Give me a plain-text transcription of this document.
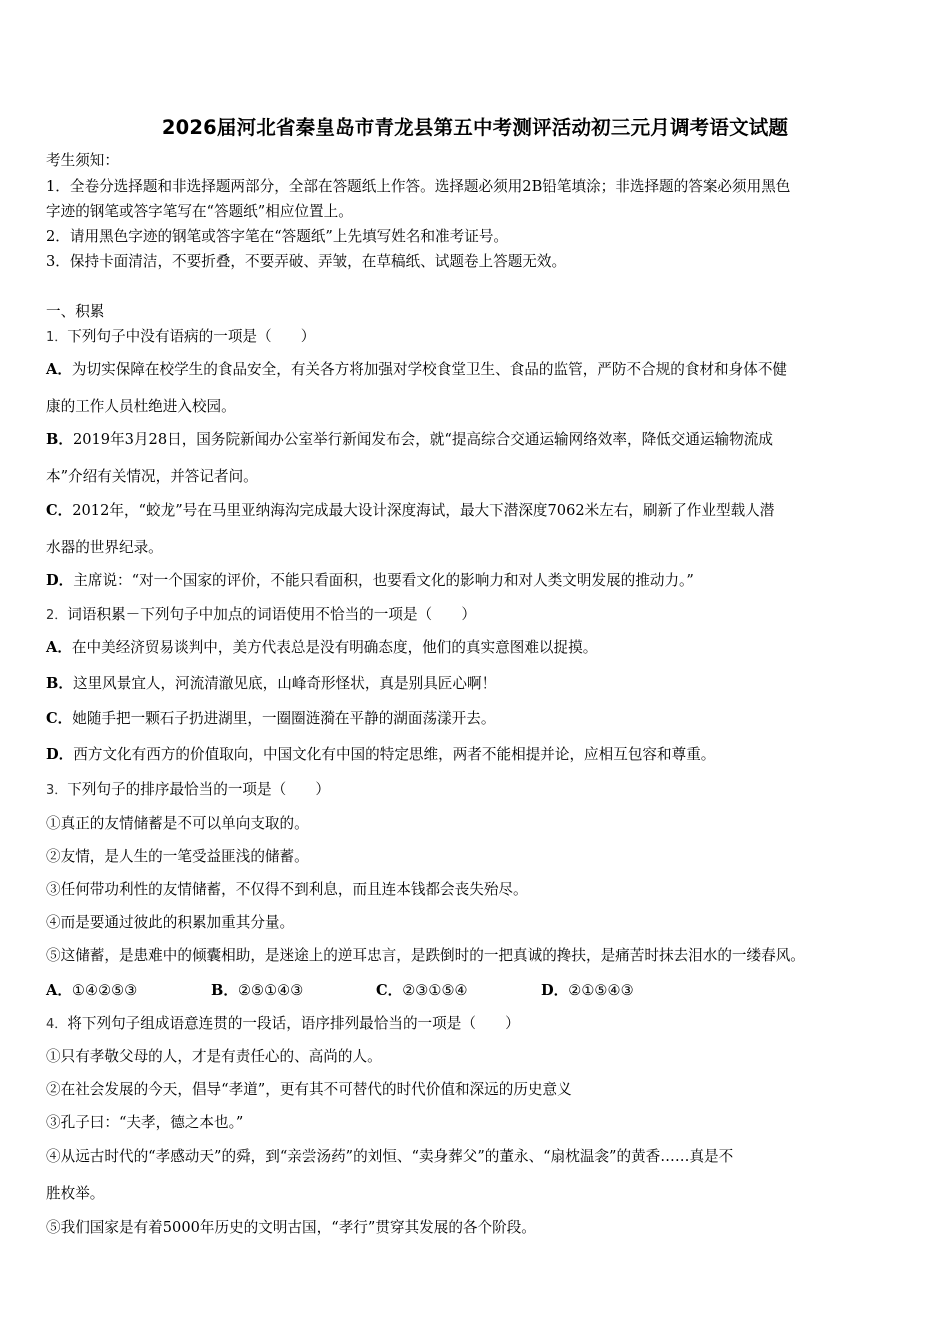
2026届河北省秦皇岛市青龙县第五中考测评活动初三元月调考语文试题
考生须知：
1．全卷分选择题和非选择题两部分，全部在答题纸上作答。选择题必须用2B铅笔填涂；非选择题的答案必须用黑色
字迹的钢笔或答字笔写在“答题纸”相应位置上。
2．请用黑色字迹的钢笔或答字笔在“答题纸”上先填写姓名和准考证号。
3．保持卡面清洁，不要折叠，不要弄破、弄皱，在草稿纸、试题卷上答题无效。
一、积累
1．下列句子中没有语病的一项是（　　）
A．为切实保障在校学生的食品安全，有关各方将加强对学校食堂卫生、食品的监管，严防不合规的食材和身体不健
康的工作人员杜绝进入校园。
B．2019年3月28日，国务院新闻办公室举行新闻发布会，就“提高综合交通运输网络效率，降低交通运输物流成
本”介绍有关情况，并答记者问。
C．2012年，“蛟龙”号在马里亚纳海沟完成最大设计深度海试，最大下潜深度7062米左右，刷新了作业型载人潜
水器的世界纪录。
D．主席说：“对一个国家的评价，不能只看面积，也要看文化的影响力和对人类文明发展的推动力。”
2．词语积累－下列句子中加点的词语使用不恰当的一项是（　　）
A．在中美经济贸易谈判中，美方代表总是没有明确态度，他们的真实意图难以捉摸。
B．这里风景宜人，河流清澈见底，山峰奇形怪状，真是别具匠心啊！
C．她随手把一颗石子扔进湖里，一圈圈涟漪在平静的湖面荡漾开去。
D．西方文化有西方的价值取向，中国文化有中国的特定思维，两者不能相提并论，应相互包容和尊重。
3．下列句子的排序最恰当的一项是（　　）
①真正的友情储蓄是不可以单向支取的。
②友情，是人生的一笔受益匪浅的储蓄。
③任何带功利性的友情储蓄，不仅得不到利息，而且连本钱都会丧失殆尽。
④而是要通过彼此的积累加重其分量。
⑤这储蓄，是患难中的倾囊相助，是迷途上的逆耳忠言，是跌倒时的一把真诚的搀扶，是痛苦时抹去泪水的一缕春风。
A．①④②⑤③	B．②⑤①④③	C．②③①⑤④	D．②①⑤④③
4．将下列句子组成语意连贯的一段话，语序排列最恰当的一项是（　　）
①只有孝敬父母的人，才是有责任心的、高尚的人。
②在社会发展的今天，倡导“孝道”，更有其不可替代的时代价值和深远的历史意义
③孔子曰：“夫孝，德之本也。”
④从远古时代的“孝感动天”的舜，到“亲尝汤药”的刘恒、“卖身葬父”的董永、“扇枕温衾”的黄香……真是不
胜枚举。
⑤我们国家是有着5000年历史的文明古国，“孝行”贯穿其发展的各个阶段。
